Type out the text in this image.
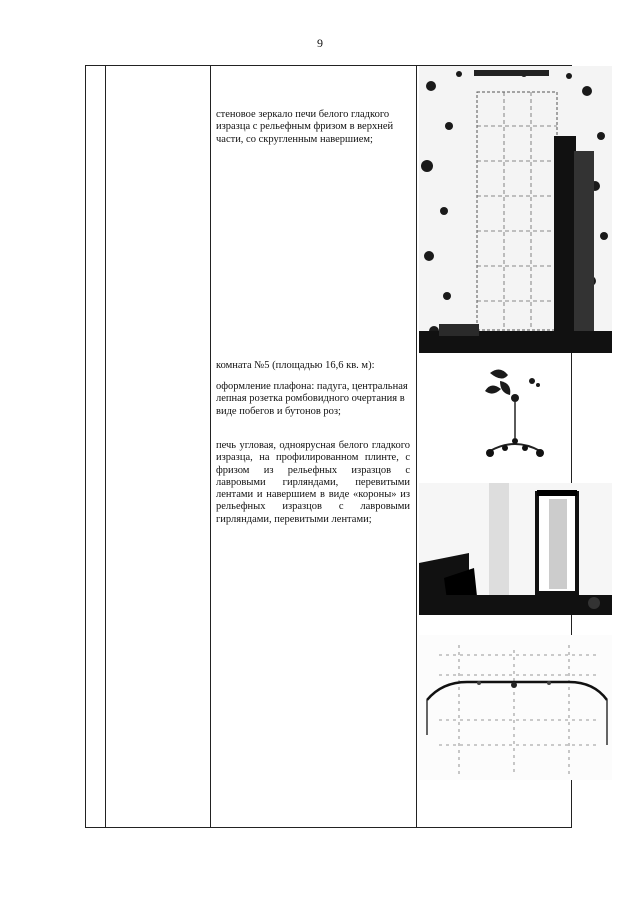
9
стеновое зеркало печи белого гладкого изразца с рельефным фризом в верхней части, со скругленным навершием;
комната №5 (площадью 16,6 кв. м):
оформление плафона: падуга, центральная лепная розетка ромбовидного очертания в виде побегов и бутонов роз;
печь угловая, одноярусная белого гладкого изразца, на профилированном плинте, с фризом из рельефных изразцов с лавровыми гирляндами, перевитыми лентами и навершием в виде «короны» из рельефных изразцов с лавровыми гирляндами, перевитыми лентами;
